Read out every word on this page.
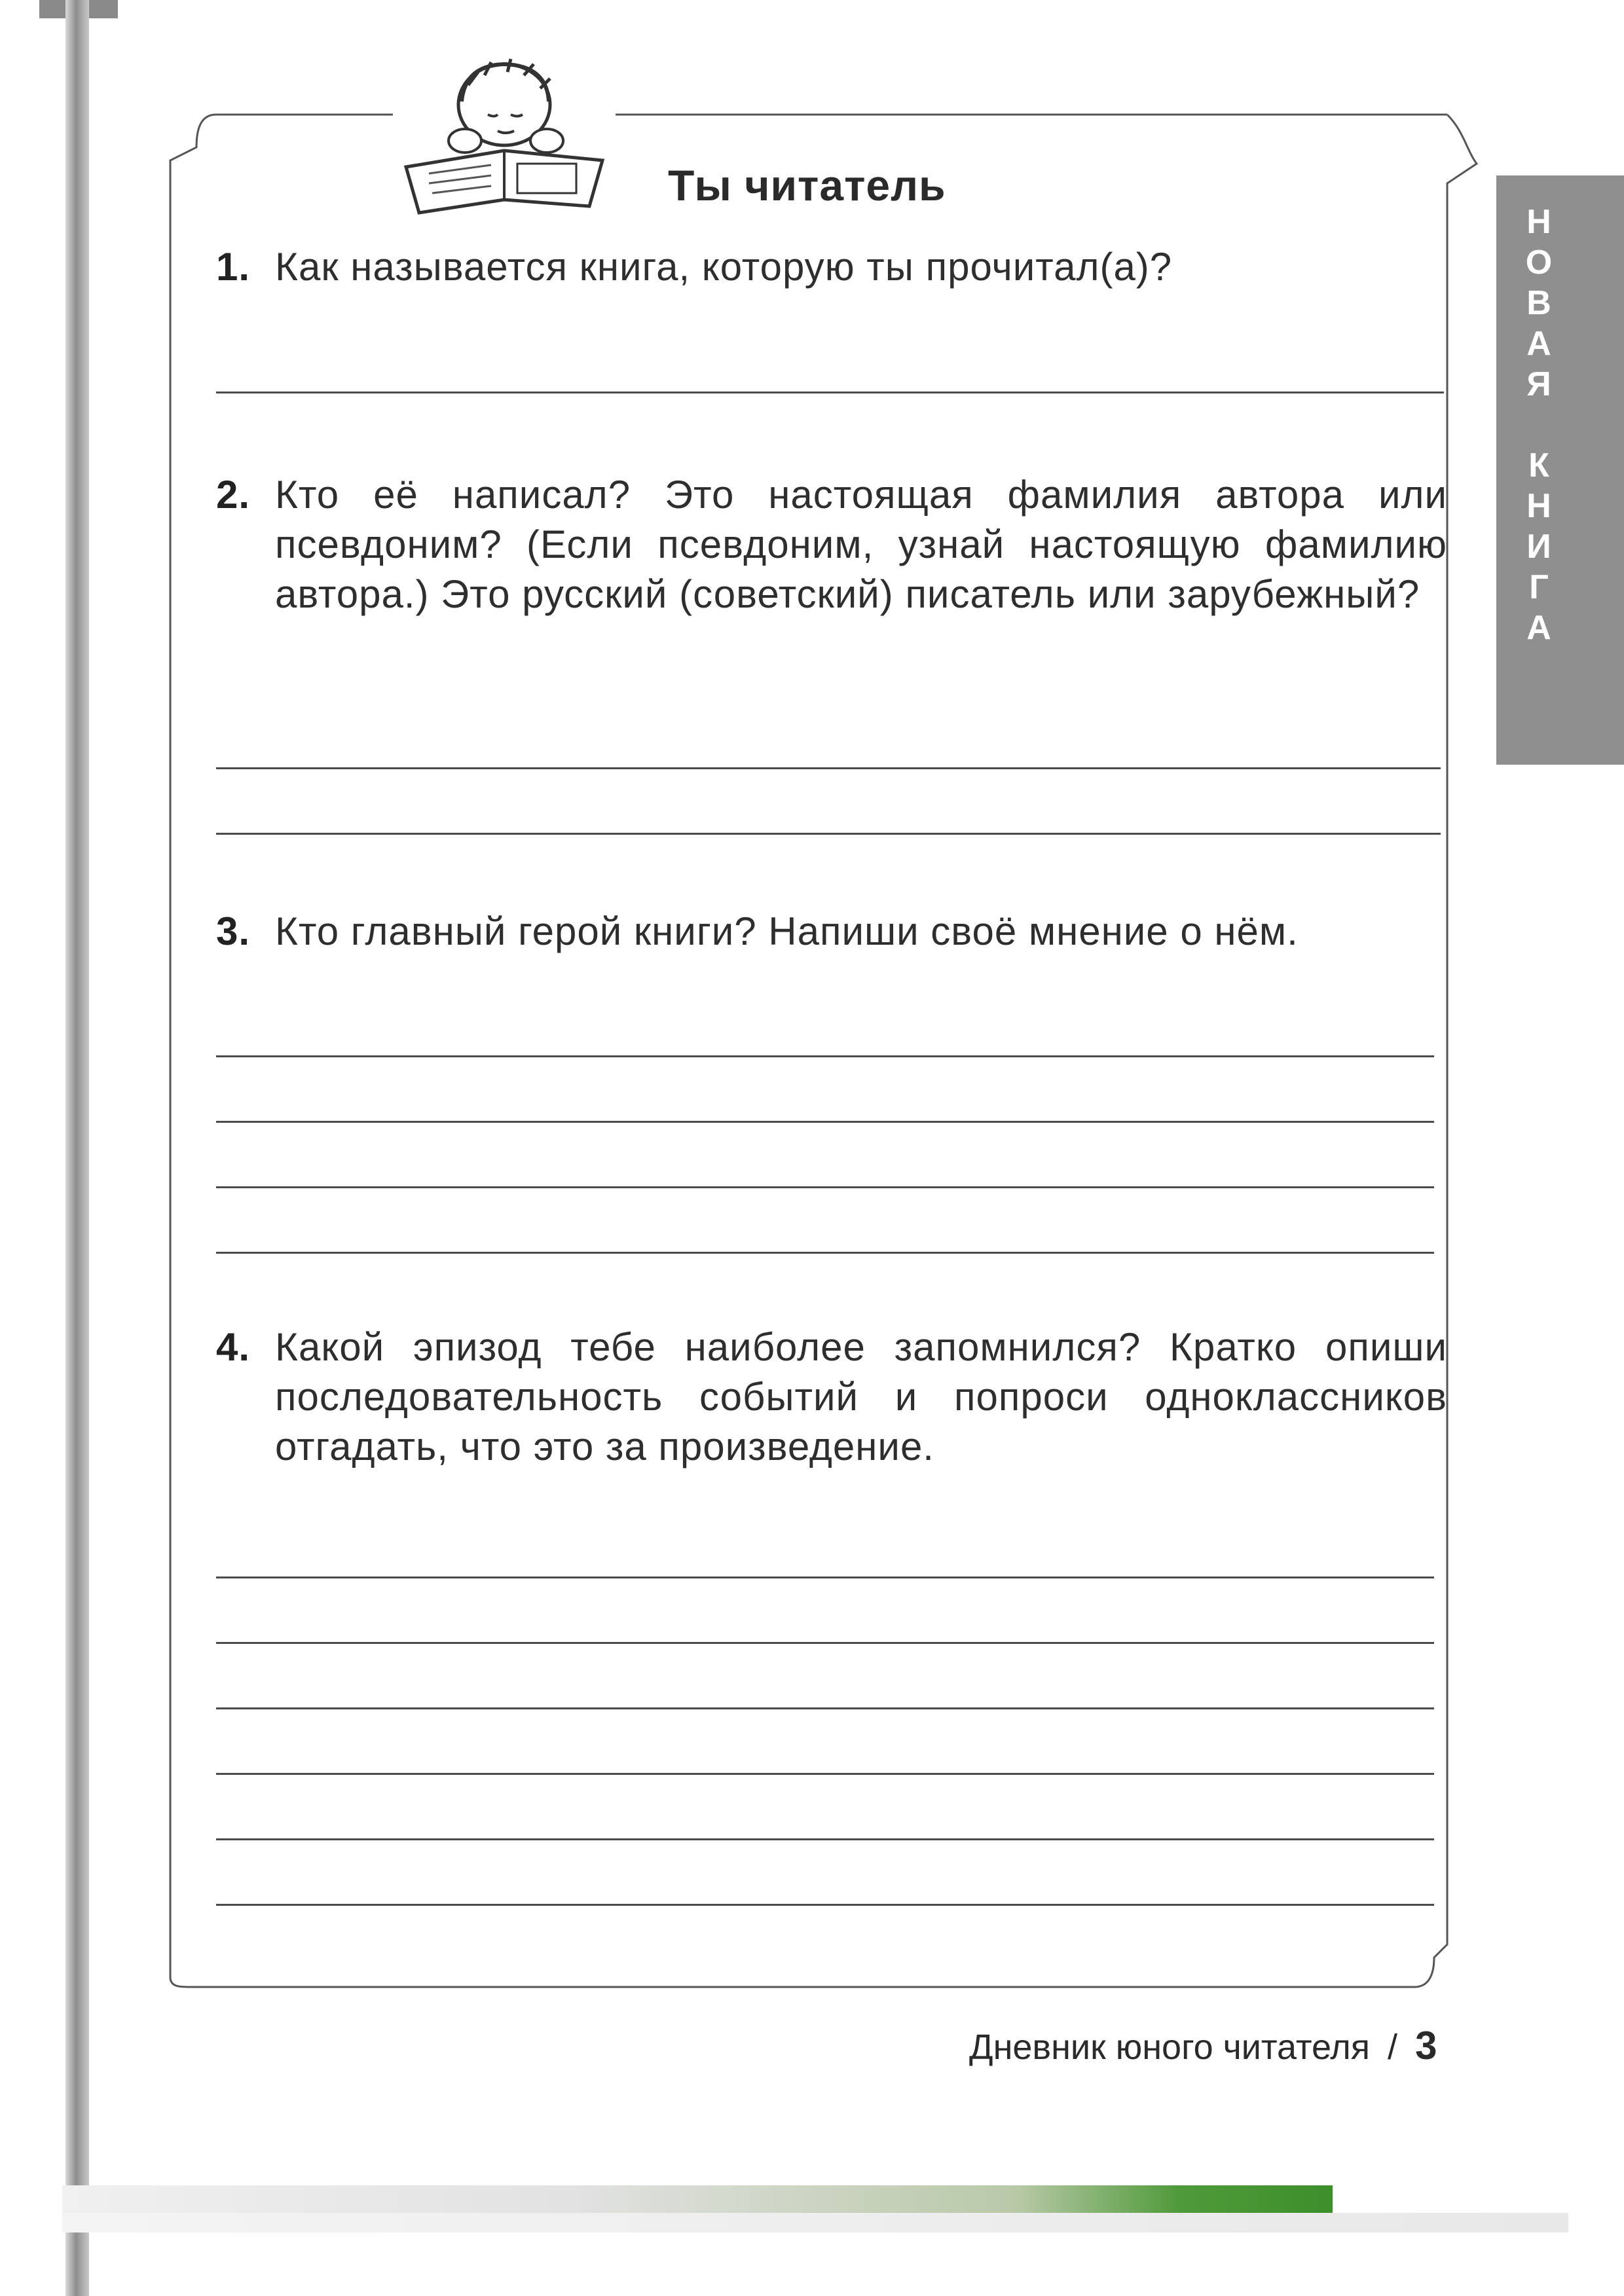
Ты читатель
1. Как называется книга, которую ты прочитал(а)?
2. Кто её написал? Это настоящая фамилия автора или псевдоним? (Если псевдоним, узнай настоящую фамилию автора.) Это русский (советский) писатель или зарубежный?
3. Кто главный герой книги? Напиши своё мнение о нём.
4. Какой эпизод тебе наиболее запомнился? Кратко опиши последовательность событий и попроси одноклассников отгадать, что это за произведение.
Н
О
В
А
Я
К
Н
И
Г
А
Дневник юного читателя / 3
